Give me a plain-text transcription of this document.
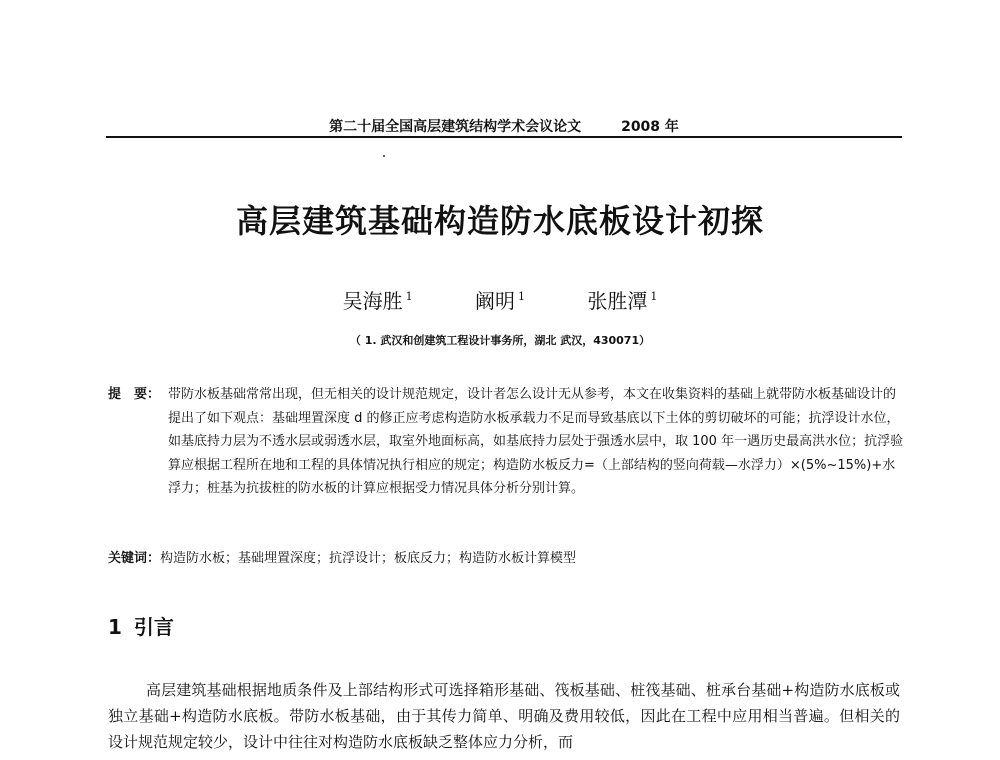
第二十届全国高层建筑结构学术会议论文	2008 年
高层建筑基础构造防水底板设计初探
吴海胜 $^1$	阚明 $^1$	张胜潭 $^1$
（ 1. 武汉和创建筑工程设计事务所，湖北 武汉，430071）
提　要： 带防水板基础常常出现，但无相关的设计规范规定，设计者怎么设计无从参考，本文在收集资料的基础上就带防水板基础设计的提出了如下观点：基础埋置深度 d 的修正应考虑构造防水板承载力不足而导致基底以下土体的剪切破坏的可能；抗浮设计水位，如基底持力层为不透水层或弱透水层，取室外地面标高，如基底持力层处于强透水层中，取 100 年一遇历史最高洪水位；抗浮验算应根据工程所在地和工程的具体情况执行相应的规定；构造防水板反力=（上部结构的竖向荷载—水浮力）×(5%~15%)+水浮力；桩基为抗拔桩的防水板的计算应根据受力情况具体分析分别计算。
关键词：构造防水板；基础埋置深度；抗浮设计；板底反力；构造防水板计算模型
1 引言
高层建筑基础根据地质条件及上部结构形式可选择箱形基础、筏板基础、桩筏基础、桩承台基础+构造防水底板或独立基础+构造防水底板。带防水板基础，由于其传力简单、明确及费用较低，因此在工程中应用相当普遍。但相关的设计规范规定较少，设计中往往对构造防水底板缺乏整体应力分析，而
